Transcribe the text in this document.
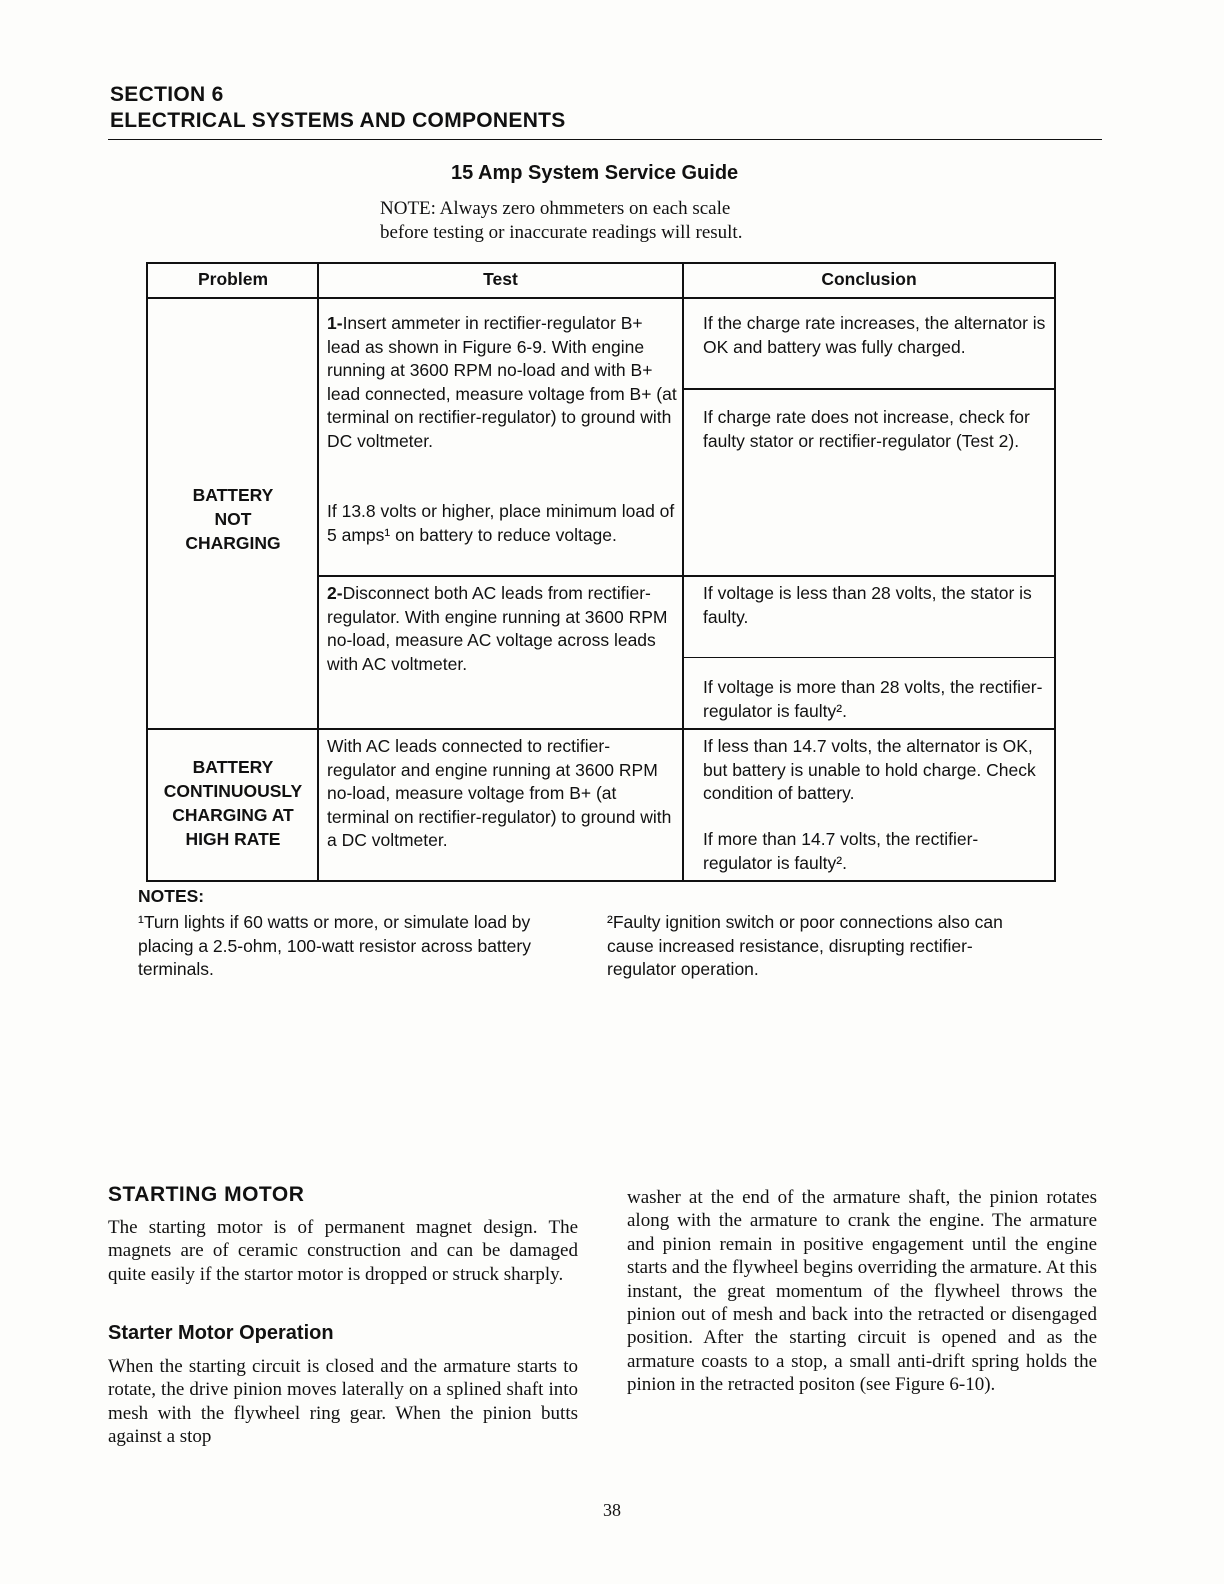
SECTION 6
ELECTRICAL SYSTEMS AND COMPONENTS
15 Amp System Service Guide
NOTE: Always zero ohmmeters on each scale
before testing or inaccurate readings will result.
Problem	Test	Conclusion
BATTERY
NOT
CHARGING
1-Insert ammeter in rectifier-regulator B+ lead as shown in Figure 6-9. With engine running at 3600 RPM no-load and with B+ lead connected, measure voltage from B+ (at terminal on rectifier-regulator) to ground with DC voltmeter.
If 13.8 volts or higher, place minimum load of 5 amps¹ on battery to reduce voltage.
If the charge rate increases, the alternator is OK and battery was fully charged.
If charge rate does not increase, check for faulty stator or rectifier-regulator (Test 2).
2-Disconnect both AC leads from rectifier-regulator. With engine running at 3600 RPM no-load, measure AC voltage across leads with AC voltmeter.
If voltage is less than 28 volts, the stator is faulty.
If voltage is more than 28 volts, the rectifier-regulator is faulty².
BATTERY
CONTINUOUSLY
CHARGING AT
HIGH RATE
With AC leads connected to rectifier-regulator and engine running at 3600 RPM no-load, measure voltage from B+ (at terminal on rectifier-regulator) to ground with a DC voltmeter.
If less than 14.7 volts, the alternator is OK, but battery is unable to hold charge. Check condition of battery.
If more than 14.7 volts, the rectifier-regulator is faulty².
NOTES:
¹Turn lights if 60 watts or more, or simulate load by placing a 2.5-ohm, 100-watt resistor across battery terminals.
²Faulty ignition switch or poor connections also can cause increased resistance, disrupting rectifier-regulator operation.
STARTING MOTOR
The starting motor is of permanent magnet design. The magnets are of ceramic construction and can be damaged quite easily if the startor motor is dropped or struck sharply.
Starter Motor Operation
When the starting circuit is closed and the armature starts to rotate, the drive pinion moves laterally on a splined shaft into mesh with the flywheel ring gear. When the pinion butts against a stop
washer at the end of the armature shaft, the pinion rotates along with the armature to crank the engine. The armature and pinion remain in positive engagement until the engine starts and the flywheel begins overriding the armature. At this instant, the great momentum of the flywheel throws the pinion out of mesh and back into the retracted or disengaged position. After the starting circuit is opened and as the armature coasts to a stop, a small anti-drift spring holds the pinion in the retracted positon (see Figure 6-10).
38
